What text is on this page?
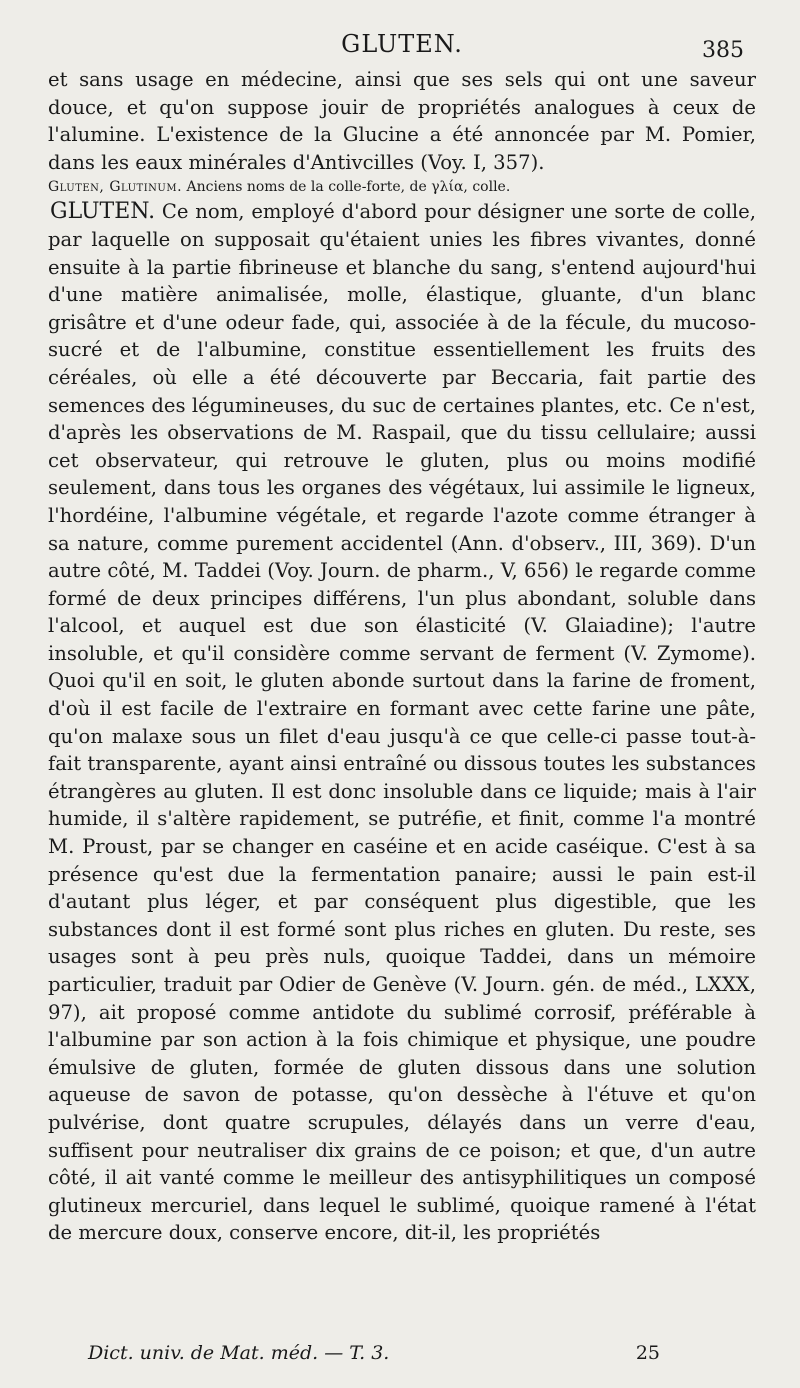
GLUTEN.	385

et sans usage en médecine, ainsi que ses sels qui ont une saveur douce, et qu'on suppose jouir de propriétés analogues à ceux de l'alumine. L'existence de la Glucine a été annoncée par M. Pomier, dans les eaux minérales d'Antivcilles (Voy. I, 357).

Gluten, Glutinum. Anciens noms de la colle-forte, de γλία, colle.

GLUTEN. Ce nom, employé d'abord pour désigner une sorte de colle, par laquelle on supposait qu'étaient unies les fibres vivantes, donné ensuite à la partie fibrineuse et blanche du sang, s'entend aujourd'hui d'une matière animalisée, molle, élastique, gluante, d'un blanc grisâtre et d'une odeur fade, qui, associée à de la fécule, du mucoso-sucré et de l'albumine, constitue essentiellement les fruits des céréales, où elle a été découverte par Beccaria, fait partie des semences des légumineuses, du suc de certaines plantes, etc. Ce n'est, d'après les observations de M. Raspail, que du tissu cellulaire; aussi cet observateur, qui retrouve le gluten, plus ou moins modifié seulement, dans tous les organes des végétaux, lui assimile le ligneux, l'hordéine, l'albumine végétale, et regarde l'azote comme étranger à sa nature, comme purement accidentel (Ann. d'observ., III, 369). D'un autre côté, M. Taddei (Voy. Journ. de pharm., V, 656) le regarde comme formé de deux principes différens, l'un plus abondant, soluble dans l'alcool, et auquel est due son élasticité (V. Glaiadine); l'autre insoluble, et qu'il considère comme servant de ferment (V. Zymome). Quoi qu'il en soit, le gluten abonde surtout dans la farine de froment, d'où il est facile de l'extraire en formant avec cette farine une pâte, qu'on malaxe sous un filet d'eau jusqu'à ce que celle-ci passe tout-à-fait transparente, ayant ainsi entraîné ou dissous toutes les substances étrangères au gluten. Il est donc insoluble dans ce liquide; mais à l'air humide, il s'altère rapidement, se putréfie, et finit, comme l'a montré M. Proust, par se changer en caséine et en acide caséique. C'est à sa présence qu'est due la fermentation panaire; aussi le pain est-il d'autant plus léger, et par conséquent plus digestible, que les substances dont il est formé sont plus riches en gluten. Du reste, ses usages sont à peu près nuls, quoique Taddei, dans un mémoire particulier, traduit par Odier de Genève (V. Journ. gén. de méd., LXXX, 97), ait proposé comme antidote du sublimé corrosif, préférable à l'albumine par son action à la fois chimique et physique, une poudre émulsive de gluten, formée de gluten dissous dans une solution aqueuse de savon de potasse, qu'on dessèche à l'étuve et qu'on pulvérise, dont quatre scrupules, délayés dans un verre d'eau, suffisent pour neutraliser dix grains de ce poison; et que, d'un autre côté, il ait vanté comme le meilleur des antisyphilitiques un composé glutineux mercuriel, dans lequel le sublimé, quoique ramené à l'état de mercure doux, conserve encore, dit-il, les propriétés

Dict. univ. de Mat. méd. — T. 3.	25
